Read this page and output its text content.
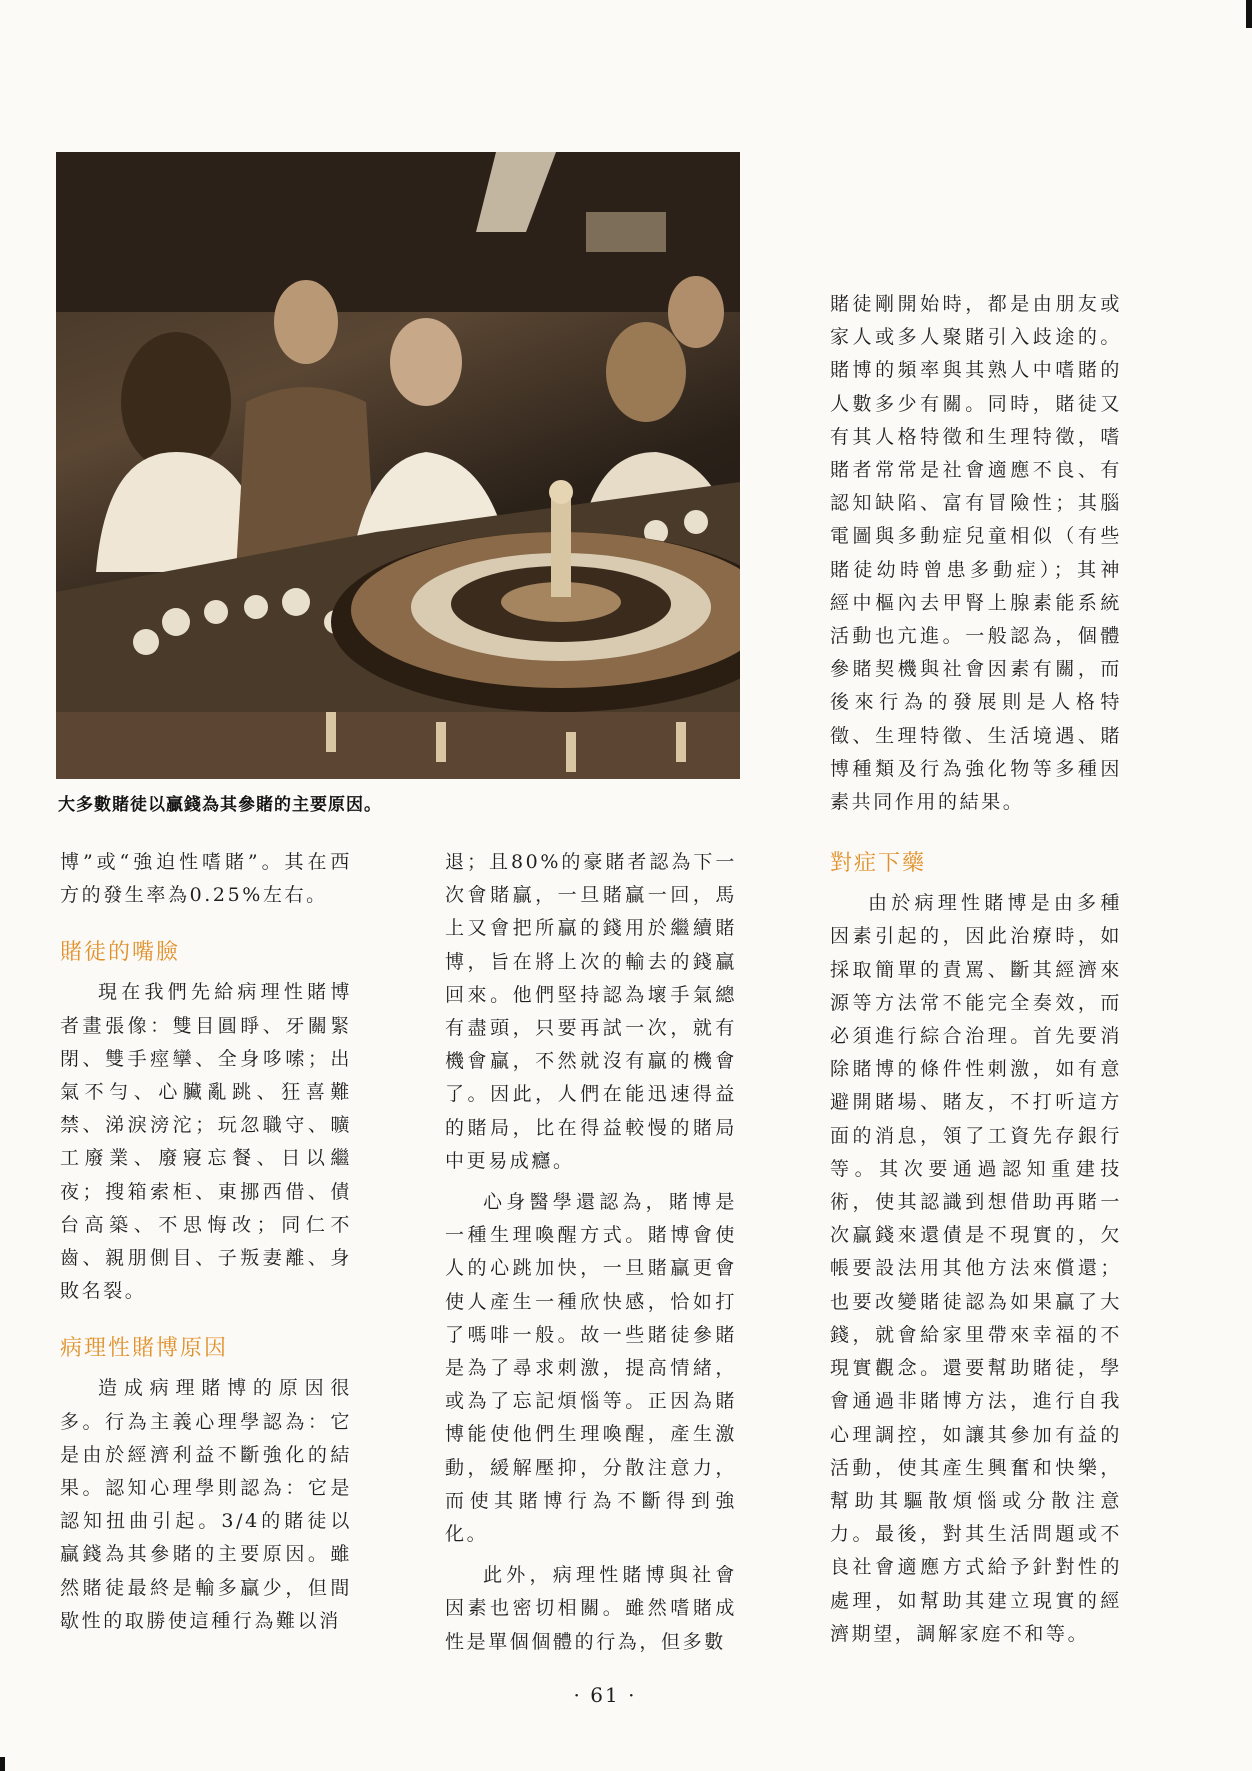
大多數賭徒以贏錢為其參賭的主要原因。

博”或“強迫性嗜賭”。其在西方的發生率為0.25%左右。

賭徒的嘴臉

現在我們先給病理性賭博者畫張像：雙目圓睜、牙關緊閉、雙手痙攣、全身哆嗦；出氣不勻、心臟亂跳、狂喜難禁、涕淚滂沱；玩忽職守、曠工廢業、廢寢忘餐、日以繼夜；搜箱索柜、東挪西借、債台高築、不思悔改；同仁不齒、親朋側目、子叛妻離、身敗名裂。

病理性賭博原因

造成病理賭博的原因很多。行為主義心理學認為：它是由於經濟利益不斷強化的結果。認知心理學則認為：它是認知扭曲引起。3/4的賭徒以贏錢為其參賭的主要原因。雖然賭徒最終是輸多贏少，但間歇性的取勝使這種行為難以消

退；且80%的豪賭者認為下一次會賭贏，一旦賭贏一回，馬上又會把所贏的錢用於繼續賭博，旨在將上次的輸去的錢贏回來。他們堅持認為壞手氣總有盡頭，只要再試一次，就有機會贏，不然就沒有贏的機會了。因此，人們在能迅速得益的賭局，比在得益較慢的賭局中更易成癮。

心身醫學還認為，賭博是一種生理喚醒方式。賭博會使人的心跳加快，一旦賭贏更會使人產生一種欣快感，恰如打了嗎啡一般。故一些賭徒參賭是為了尋求刺激，提高情緒，或為了忘記煩惱等。正因為賭博能使他們生理喚醒，產生激動，緩解壓抑，分散注意力，而使其賭博行為不斷得到強化。

此外，病理性賭博與社會因素也密切相關。雖然嗜賭成性是單個個體的行為，但多數

賭徒剛開始時，都是由朋友或家人或多人聚賭引入歧途的。賭博的頻率與其熟人中嗜賭的人數多少有關。同時，賭徒又有其人格特徵和生理特徵，嗜賭者常常是社會適應不良、有認知缺陷、富有冒險性；其腦電圖與多動症兒童相似（有些賭徒幼時曾患多動症）；其神經中樞內去甲腎上腺素能系統活動也亢進。一般認為，個體參賭契機與社會因素有關，而後來行為的發展則是人格特徵、生理特徵、生活境遇、賭博種類及行為強化物等多種因素共同作用的結果。

對症下藥

由於病理性賭博是由多種因素引起的，因此治療時，如採取簡單的責罵、斷其經濟來源等方法常不能完全奏效，而必須進行綜合治理。首先要消除賭博的條件性刺激，如有意避開賭場、賭友，不打听這方面的消息，領了工資先存銀行等。其次要通過認知重建技術，使其認識到想借助再賭一次贏錢來還債是不現實的，欠帳要設法用其他方法來償還；也要改變賭徒認為如果贏了大錢，就會給家里帶來幸福的不現實觀念。還要幫助賭徒，學會通過非賭博方法，進行自我心理調控，如讓其參加有益的活動，使其產生興奮和快樂，幫助其驅散煩惱或分散注意力。最後，對其生活問題或不良社會適應方式給予針對性的處理，如幫助其建立現實的經濟期望，調解家庭不和等。

· 61 ·
